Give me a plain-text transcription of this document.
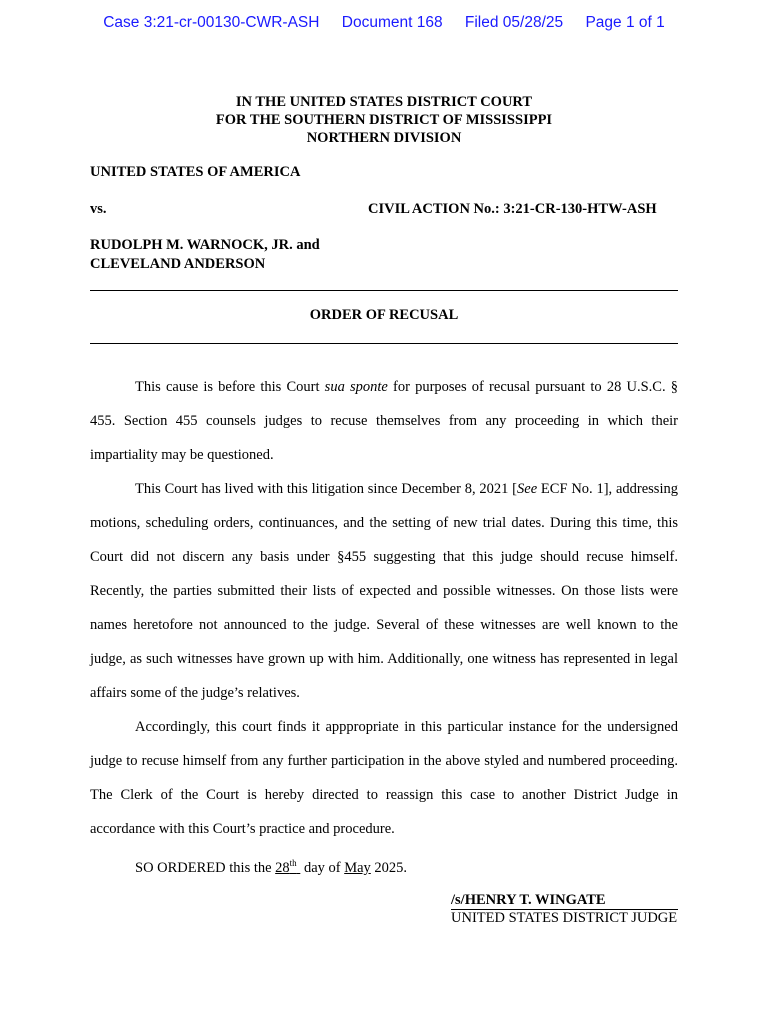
Case 3:21-cr-00130-CWR-ASH Document 168 Filed 05/28/25 Page 1 of 1
IN THE UNITED STATES DISTRICT COURT
FOR THE SOUTHERN DISTRICT OF MISSISSIPPI
NORTHERN DIVISION
UNITED STATES OF AMERICA
vs.	CIVIL ACTION No.: 3:21-CR-130-HTW-ASH
RUDOLPH M. WARNOCK, JR. and
CLEVELAND ANDERSON
ORDER OF RECUSAL
This cause is before this Court sua sponte for purposes of recusal pursuant to 28 U.S.C. § 455. Section 455 counsels judges to recuse themselves from any proceeding in which their impartiality may be questioned.
This Court has lived with this litigation since December 8, 2021 [See ECF No. 1], addressing motions, scheduling orders, continuances, and the setting of new trial dates. During this time, this Court did not discern any basis under §455 suggesting that this judge should recuse himself. Recently, the parties submitted their lists of expected and possible witnesses. On those lists were names heretofore not announced to the judge. Several of these witnesses are well known to the judge, as such witnesses have grown up with him. Additionally, one witness has represented in legal affairs some of the judge’s relatives.
Accordingly, this court finds it apppropriate in this particular instance for the undersigned judge to recuse himself from any further participation in the above styled and numbered proceeding. The Clerk of the Court is hereby directed to reassign this case to another District Judge in accordance with this Court’s practice and procedure.
SO ORDERED this the 28th  day of May 2025.
/s/HENRY T. WINGATE
UNITED STATES DISTRICT JUDGE
